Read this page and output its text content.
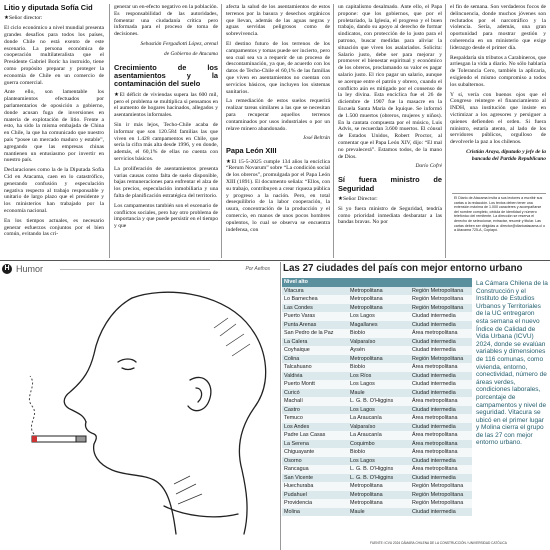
Litio y diputada Sofía Cid

★Señor director:

El ciclo económico a nivel mundial presenta grandes desafíos para todos los países, donde Chile no está exento de este escenario. La persona económica de cooperación multilateralista que el Presidente Gabriel Boric ha instruido, tiene como propósito preparar y proteger la economía de Chile en un comercio de guerra comercial.

Ante ello, son lamentable los planteamientos efectuados por parlamentarios de oposición a gobierno, donde acusan fuga de inversiones en materia de explotación de litio. Frente a esto, ha sido la misma embajada de China en Chile, la que ha comunicado que nuestro país “posee un mercado maduro y estable”, agregando que las empresas chinas mantienen un entusiasmo por invertir en nuestro país.

Declaraciones como la de la Diputada Sofía Cid en Atacama, caen en lo catastrófico, generando confusión y especulación negativa respecto al trabajo responsable y unitario de largo plazo que el presidente y los ministerios han trabajado por la economía nacional.

En los tiempos actuales, es necesario generar esfuerzos conjuntos por el bien común, evitando las crí-

generar un en-efecto negativo en la población. Es responsabilidad de las autoridades, fomentar una ciudadanía crítica pero informada para el proceso de toma de decisiones.

Sebastián Fergadiotti López, arenal
de Gobierno de Atacama
Crecimiento de los asentamientos y la contaminación del suelo

★El déficit de viviendas supera las 600 mil, pero el problema se multiplica si pensamos en el aumento de hogares hacinados, allegados y asentamientos informales.

Sin ir más lejos, Techo-Chile acaba de informar que son 120.584 familias las que viven en 1.428 campamentos en Chile, que sería la cifra más alta desde 1996, y en donde, además, el 60,1% de ellas no cuenta con servicios básicos.

La proliferación de asentamientos presenta varias causas como falta de suelo disponible, bajas remuneraciones para enfrentar el alza de los precios, especulación inmobiliaria y una falta de planificación estratégica del territorio.

Los campamentos también son el escenario de conflictos sociales, pero hay otro problema de importancia y que puede persistir en el tiempo y que

afecta la salud de los asentamientos de estos terrenos por la basura y desechos orgánicos que llevan, además de las aguas negras y aguas servidas peligrosos como de sobrevivencia.

El destino futuro de los terrenos de los campamentos y tomas puede ser incierto, pero sea cual sea va a requerir de un proceso de descontaminación, ya que, de acuerdo con los datos de Techo-Chile el 60,1% de las familias que viven en asentamientos no cuentan con servicios básicos, que incluyen los sistemas sanitarios.

La remediación de estos suelos requerirá realizar tareas similares a las que se necesitan para recuperar aquellos terrenos contaminados por usos industriales o por un relave minero abandonado.

José Beltrán
Papa León XIII

★El 15-5-2025 cumple 134 años la encíclica “Rerum Novarum” sobre “La condición social de los obreros”, promulgada por el Papa León XIII (1891). El documento señala: “Ellos, con su trabajo, contribuyen a crear riqueza pública y progreso a la nación. Pero, en total desequilibrio de la labor cooperación, la usura, concentración de la producción y el comercio, en manos de unos pocos hombres opulentos, lo cual se observa se encuentra indefensa, con

un capitalismo desalmado. Ante ello, el Papa propone: que los gobiernos, que por el proletariado, la Iglesia, el progreso y el buen trabajo, dando su apoyo al derecho de formar sindicatos, con protección de lo justo para el patrono, buscar medidas para aliviar la situación que viven los asalariados. Solicita: Salario justo, debe ser para mejorar y promover el bienestar espiritual y económico de los obreros, proclamando su valor es pagar salario justo. El rico pagar un salario, aunque se acerque entre el patrón y obrero, cuando el conflicto aún es mitigado por el consenso de la ley divina. Esta encíclica fue el 26 de diciembre de 1907 fue la masacre en la Escuela Santa María de Iquique. Se informó de 1.500 muertos (obreros, mujeres y niños). En la cantata compuesta por el músico, Luis Advis, se recuerdan 3.600 muertos. El cónsul de Estados Unidos, Robert Proctor, al comentar que el Papa León XIV, dijo: “El mal no prevalecerá”. Estamos todos, de la mano de Dios.

Darío Cofré
Sí fuera ministro de Seguridad

★Señor Director:

Si yo fuera ministro de Seguridad, tendría como prioridad inmediata desbaratar a las bandas bravas. No por

el fin de semana. Son verdaderos focos de delincuencia, donde muchos jóvenes son reclutados por el narcotráfico y la violencia. Sería, además, una gran oportunidad para mostrar gestión y coherencia en un ministerio que exige liderazgo desde el primer día.

Respaldaría sin tributos a Carabineros, que arriesgan la vida a diario. No sólo hablaría de Tolerancia Cero, también la aplicaría, exigiendo el mismo compromiso a todos los subalternos.

Y sí, vería con buenos ojos que el Congreso reintegre el financiamiento al INDH, una institución que insiste en victimizar a los agresores y persiguer a quienes defienden el orden. Si fuera ministro, estaría atento, al lado de los servidores públicos, orgulloso de devolverle la paz a los chilenos.

Cristián Araya, diputado y jefe de la
bancada del Partido Republicano
El Diario de Atacama invita a sus lectores a escribir sus cartas a la redacción. Los textos deben tener una extensión máxima de 1.000 caracteres y acompañarse del nombre completo, cédula de identidad y número telefónico del remitente. La dirección se reserva el derecho de seleccionar, extractar, resumir y titular. Las cartas deben ser dirigidas a: director@diarioatacama.cl o a Atacama 725-A, Copiapó.
H Humor	Por Aethos Las 27 ciudades del país con mejor entorno urbano
Nivel alto		
Vitacura	Metropolitana	Región Metropolitana
Lo Barnechea	Metropolitana	Región Metropolitana
Las Condes	Metropolitana	Región Metropolitana
Puerto Varas	Los Lagos	Ciudad intermedia
Punta Arenas	Magallanes	Ciudad intermedia
San Pedro de la Paz	Biobío	Área metropolitana
La Calera	Valparaíso	Ciudad intermedia
Coyhaique	Aysén	Ciudad intermedia
Colina	Metropolitana	Región Metropolitana
Talcahuano	Biobío	Área metropolitana
Valdivia	Los Ríos	Ciudad intermedia
Puerto Montt	Los Lagos	Ciudad intermedia
Curicó	Maule	Ciudad intermedia
Machalí	L. G. B. O’Higgins	Área metropolitana
Castro	Los Lagos	Ciudad intermedia
Temuco	La Araucanía	Área metropolitana
Los Andes	Valparaíso	Ciudad intermedia
Padre Las Casas	La Araucanía	Área metropolitana
La Serena	Coquimbo	Área metropolitana
Chiguayante	Biobío	Área metropolitana
Osorno	Los Lagos	Ciudad intermedia
Rancagua	L. G. B. O’Higgins	Área metropolitana
San Vicente	L. G. B. O’Higgins	Ciudad intermedia
Huechuraba	Metropolitana	Región Metropolitana
Pudahuel	Metropolitana	Región Metropolitana
Providencia	Metropolitana	Región Metropolitana
Molina	Maule	Ciudad intermedia
La Cámara Chilena de la Construcción y el Instituto de Estudios Urbanos y Territoriales de la UC entregaron esta semana el nuevo Índice de Calidad de Vida Urbana (ICVU) 2024, donde se evalúan variables y dimensiones de 116 comunas, como vivienda, entorno, conectividad, número de áreas verdes, condiciones laborales, porcentaje de campamentos y nivel de seguridad. Vitacura se ubicó en el primer lugar y Molina cierra el grupo de las 27 con mejor entorno urbano.
FUENTE: ICVU 2024 CÁMARA CHILENA DE LA CONSTRUCCIÓN / UNIVERSIDAD CATÓLICA
